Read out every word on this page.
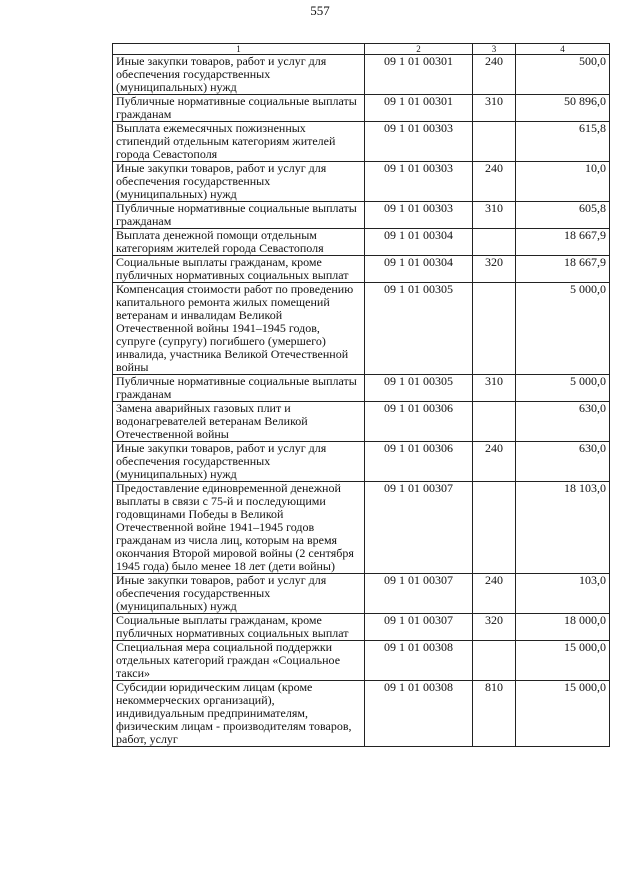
557
1	2	3	4
Иные закупки товаров, работ и услуг для обеспечения государственных (муниципальных) нужд	09 1 01 00301	240	500,0
Публичные нормативные социальные выплаты гражданам	09 1 01 00301	310	50 896,0
Выплата ежемесячных пожизненных стипендий отдельным категориям жителей города Севастополя	09 1 01 00303		615,8
Иные закупки товаров, работ и услуг для обеспечения государственных (муниципальных) нужд	09 1 01 00303	240	10,0
Публичные нормативные социальные выплаты гражданам	09 1 01 00303	310	605,8
Выплата денежной помощи отдельным категориям жителей города Севастополя	09 1 01 00304		18 667,9
Социальные выплаты гражданам, кроме публичных нормативных социальных выплат	09 1 01 00304	320	18 667,9
Компенсация стоимости работ по проведению капитального ремонта жилых помещений ветеранам и инвалидам Великой Отечественной войны 1941–1945 годов, супруге (супругу) погибшего (умершего) инвалида, участника Великой Отечественной войны	09 1 01 00305		5 000,0
Публичные нормативные социальные выплаты гражданам	09 1 01 00305	310	5 000,0
Замена аварийных газовых плит и водонагревателей ветеранам Великой Отечественной войны	09 1 01 00306		630,0
Иные закупки товаров, работ и услуг для обеспечения государственных (муниципальных) нужд	09 1 01 00306	240	630,0
Предоставление единовременной денежной выплаты в связи с 75-й и последующими годовщинами Победы в Великой Отечественной войне 1941–1945 годов гражданам из числа лиц, которым на время окончания Второй мировой войны (2 сентября 1945 года) было менее 18 лет (дети войны)	09 1 01 00307		18 103,0
Иные закупки товаров, работ и услуг для обеспечения государственных (муниципальных) нужд	09 1 01 00307	240	103,0
Социальные выплаты гражданам, кроме публичных нормативных социальных выплат	09 1 01 00307	320	18 000,0
Специальная мера социальной поддержки отдельных категорий граждан «Социальное такси»	09 1 01 00308		15 000,0
Субсидии юридическим лицам (кроме некоммерческих организаций), индивидуальным предпринимателям, физическим лицам - производителям товаров, работ, услуг	09 1 01 00308	810	15 000,0
